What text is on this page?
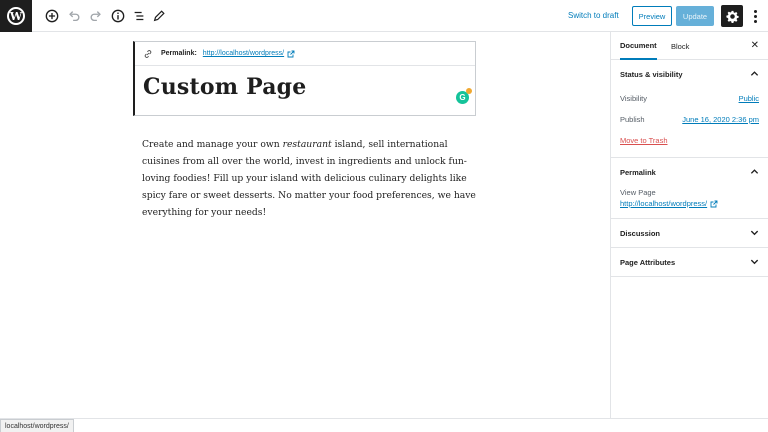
W	Switch to draft	Preview	Update
Permalink: http://localhost/wordpress/
Custom Page	G
Create and manage your own restaurant island, sell international cuisines from all over the world, invest in ingredients and unlock fun-loving foodies! Fill up your island with delicious culinary delights like spicy fare or sweet desserts. No matter your food preferences, we have everything for your needs!
Document Block	✕
Status & visibility
Visibility	Public
Publish	June 16, 2020 2:36 pm
Move to Trash
Permalink
View Page
http://localhost/wordpress/
Discussion
Page Attributes
localhost/wordpress/
